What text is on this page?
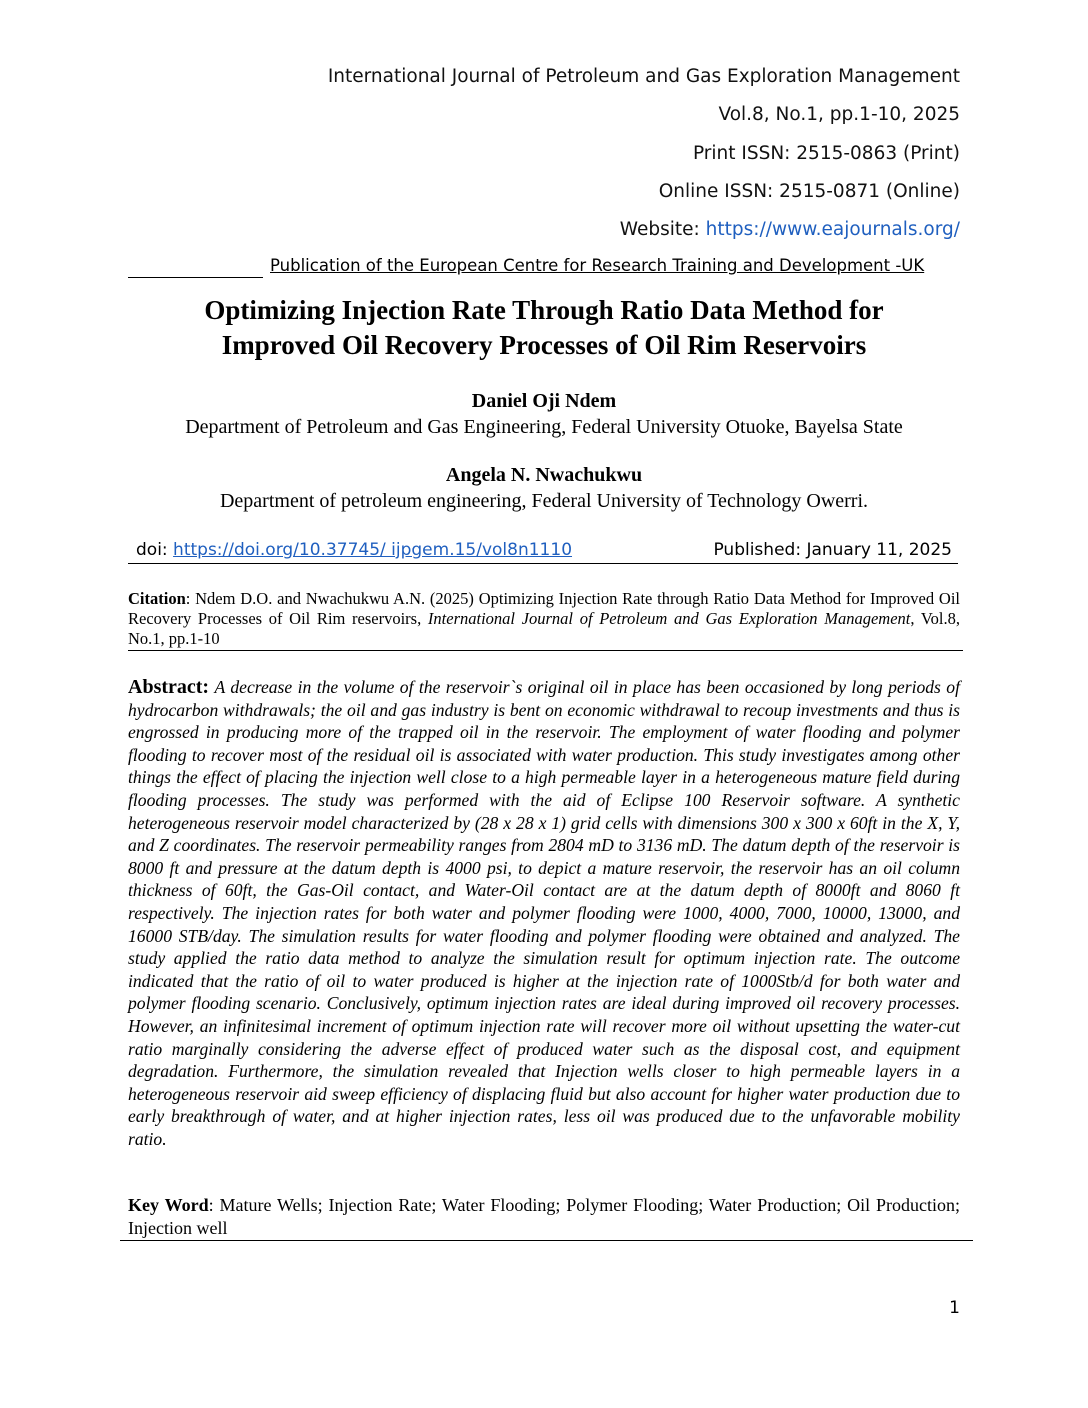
International Journal of Petroleum and Gas Exploration Management
Vol.8, No.1, pp.1-10, 2025
Print ISSN: 2515-0863 (Print)
Online ISSN: 2515-0871 (Online)
Website: https://www.eajournals.org/
Publication of the European Centre for Research Training and Development -UK
Optimizing Injection Rate Through Ratio Data Method for
Improved Oil Recovery Processes of Oil Rim Reservoirs
Daniel Oji Ndem
Department of Petroleum and Gas Engineering, Federal University Otuoke, Bayelsa State
Angela N. Nwachukwu
Department of petroleum engineering, Federal University of Technology Owerri.
doi: https://doi.org/10.37745/ ijpgem.15/vol8n1110	Published: January 11, 2025
Citation: Ndem D.O. and Nwachukwu A.N. (2025) Optimizing Injection Rate through Ratio Data Method for Improved Oil Recovery Processes of Oil Rim reservoirs, International Journal of Petroleum and Gas Exploration Management, Vol.8, No.1, pp.1-10
Abstract: A decrease in the volume of the reservoir`s original oil in place has been occasioned by long periods of hydrocarbon withdrawals; the oil and gas industry is bent on economic withdrawal to recoup investments and thus is engrossed in producing more of the trapped oil in the reservoir. The employment of water flooding and polymer flooding to recover most of the residual oil is associated with water production. This study investigates among other things the effect of placing the injection well close to a high permeable layer in a heterogeneous mature field during flooding processes. The study was performed with the aid of Eclipse 100 Reservoir software. A synthetic heterogeneous reservoir model characterized by (28 x 28 x 1) grid cells with dimensions 300 x 300 x 60ft in the X, Y, and Z coordinates. The reservoir permeability ranges from 2804 mD to 3136 mD. The datum depth of the reservoir is 8000 ft and pressure at the datum depth is 4000 psi, to depict a mature reservoir, the reservoir has an oil column thickness of 60ft, the Gas-Oil contact, and Water-Oil contact are at the datum depth of 8000ft and 8060 ft respectively. The injection rates for both water and polymer flooding were 1000, 4000, 7000, 10000, 13000, and 16000 STB/day. The simulation results for water flooding and polymer flooding were obtained and analyzed. The study applied the ratio data method to analyze the simulation result for optimum injection rate. The outcome indicated that the ratio of oil to water produced is higher at the injection rate of 1000Stb/d for both water and polymer flooding scenario. Conclusively, optimum injection rates are ideal during improved oil recovery processes. However, an infinitesimal increment of optimum injection rate will recover more oil without upsetting the water-cut ratio marginally considering the adverse effect of produced water such as the disposal cost, and equipment degradation. Furthermore, the simulation revealed that Injection wells closer to high permeable layers in a heterogeneous reservoir aid sweep efficiency of displacing fluid but also account for higher water production due to early breakthrough of water, and at higher injection rates, less oil was produced due to the unfavorable mobility ratio.
Key Word: Mature Wells; Injection Rate; Water Flooding; Polymer Flooding; Water Production; Oil Production; Injection well
1
